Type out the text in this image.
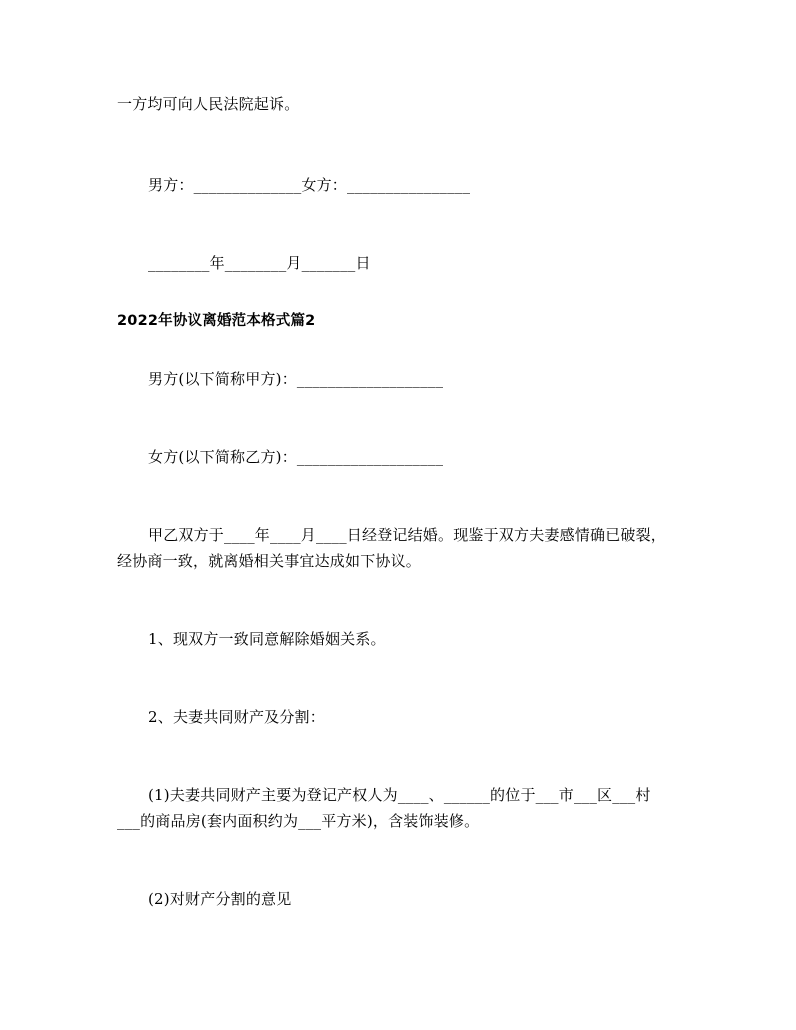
一方均可向人民法院起诉。

男方：______________女方：________________

________年________月_______日

2022年协议离婚范本格式篇2

男方(以下简称甲方)：___________________

女方(以下简称乙方)：___________________

甲乙双方于____年____月____日经登记结婚。现鉴于双方夫妻感情确已破裂，

经协商一致，就离婚相关事宜达成如下协议。

1、现双方一致同意解除婚姻关系。

2、夫妻共同财产及分割：

(1)夫妻共同财产主要为登记产权人为____、______的位于___市___区___村

___的商品房(套内面积约为___平方米)，含装饰装修。

(2)对财产分割的意见
